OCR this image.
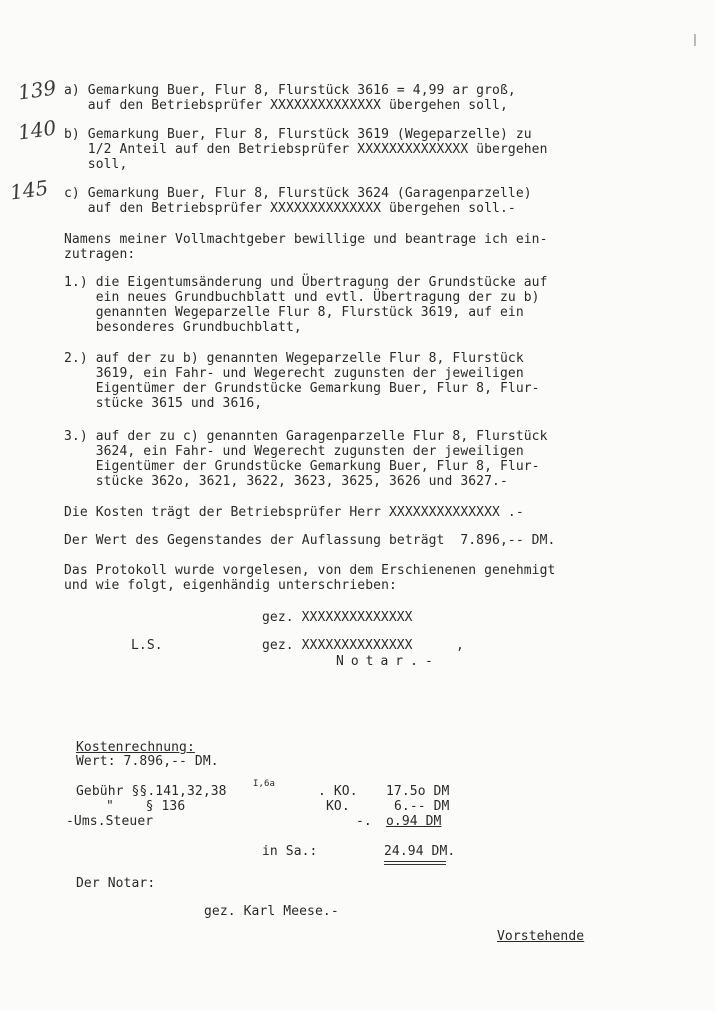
139
140
145
a) Gemarkung Buer, Flur 8, Flurstück 3616 = 4,99 ar groß,
auf den Betriebsprüfer XXXXXXXXXXXXXX übergehen soll,
b) Gemarkung Buer, Flur 8, Flurstück 3619 (Wegeparzelle) zu
1/2 Anteil auf den Betriebsprüfer XXXXXXXXXXXXXX übergehen
soll,
c) Gemarkung Buer, Flur 8, Flurstück 3624 (Garagenparzelle)
auf den Betriebsprüfer XXXXXXXXXXXXXX übergehen soll.-
Namens meiner Vollmachtgeber bewillige und beantrage ich ein-
zutragen:
1.) die Eigentumsänderung und Übertragung der Grundstücke auf
ein neues Grundbuchblatt und evtl. Übertragung der zu b)
genannten Wegeparzelle Flur 8, Flurstück 3619, auf ein
besonderes Grundbuchblatt,
2.) auf der zu b) genannten Wegeparzelle Flur 8, Flurstück
3619, ein Fahr- und Wegerecht zugunsten der jeweiligen
Eigentümer der Grundstücke Gemarkung Buer, Flur 8, Flur-
stücke 3615 und 3616,
3.) auf der zu c) genannten Garagenparzelle Flur 8, Flurstück
3624, ein Fahr- und Wegerecht zugunsten der jeweiligen
Eigentümer der Grundstücke Gemarkung Buer, Flur 8, Flur-
stücke 362o, 3621, 3622, 3623, 3625, 3626 und 3627.-
Die Kosten trägt der Betriebsprüfer Herr XXXXXXXXXXXXXX .-
Der Wert des Gegenstandes der Auflassung beträgt  7.896,-- DM.
Das Protokoll wurde vorgelesen, von dem Erschienenen genehmigt
und wie folgt, eigenhändig unterschrieben:
gez. XXXXXXXXXXXXXX
L.S.	gez. XXXXXXXXXXXXXX	,
Notar.-
Kostenrechnung:
Wert: 7.896,-- DM.
Gebühr §§.141,32,38	I,6a	. KO. 17.5o DM
"    § 136	KO.	6.-- DM
-Ums.Steuer	-. o.94 DM
in Sa.:	24.94 DM.
Der Notar:
gez. Karl Meese.-
Vorstehende
